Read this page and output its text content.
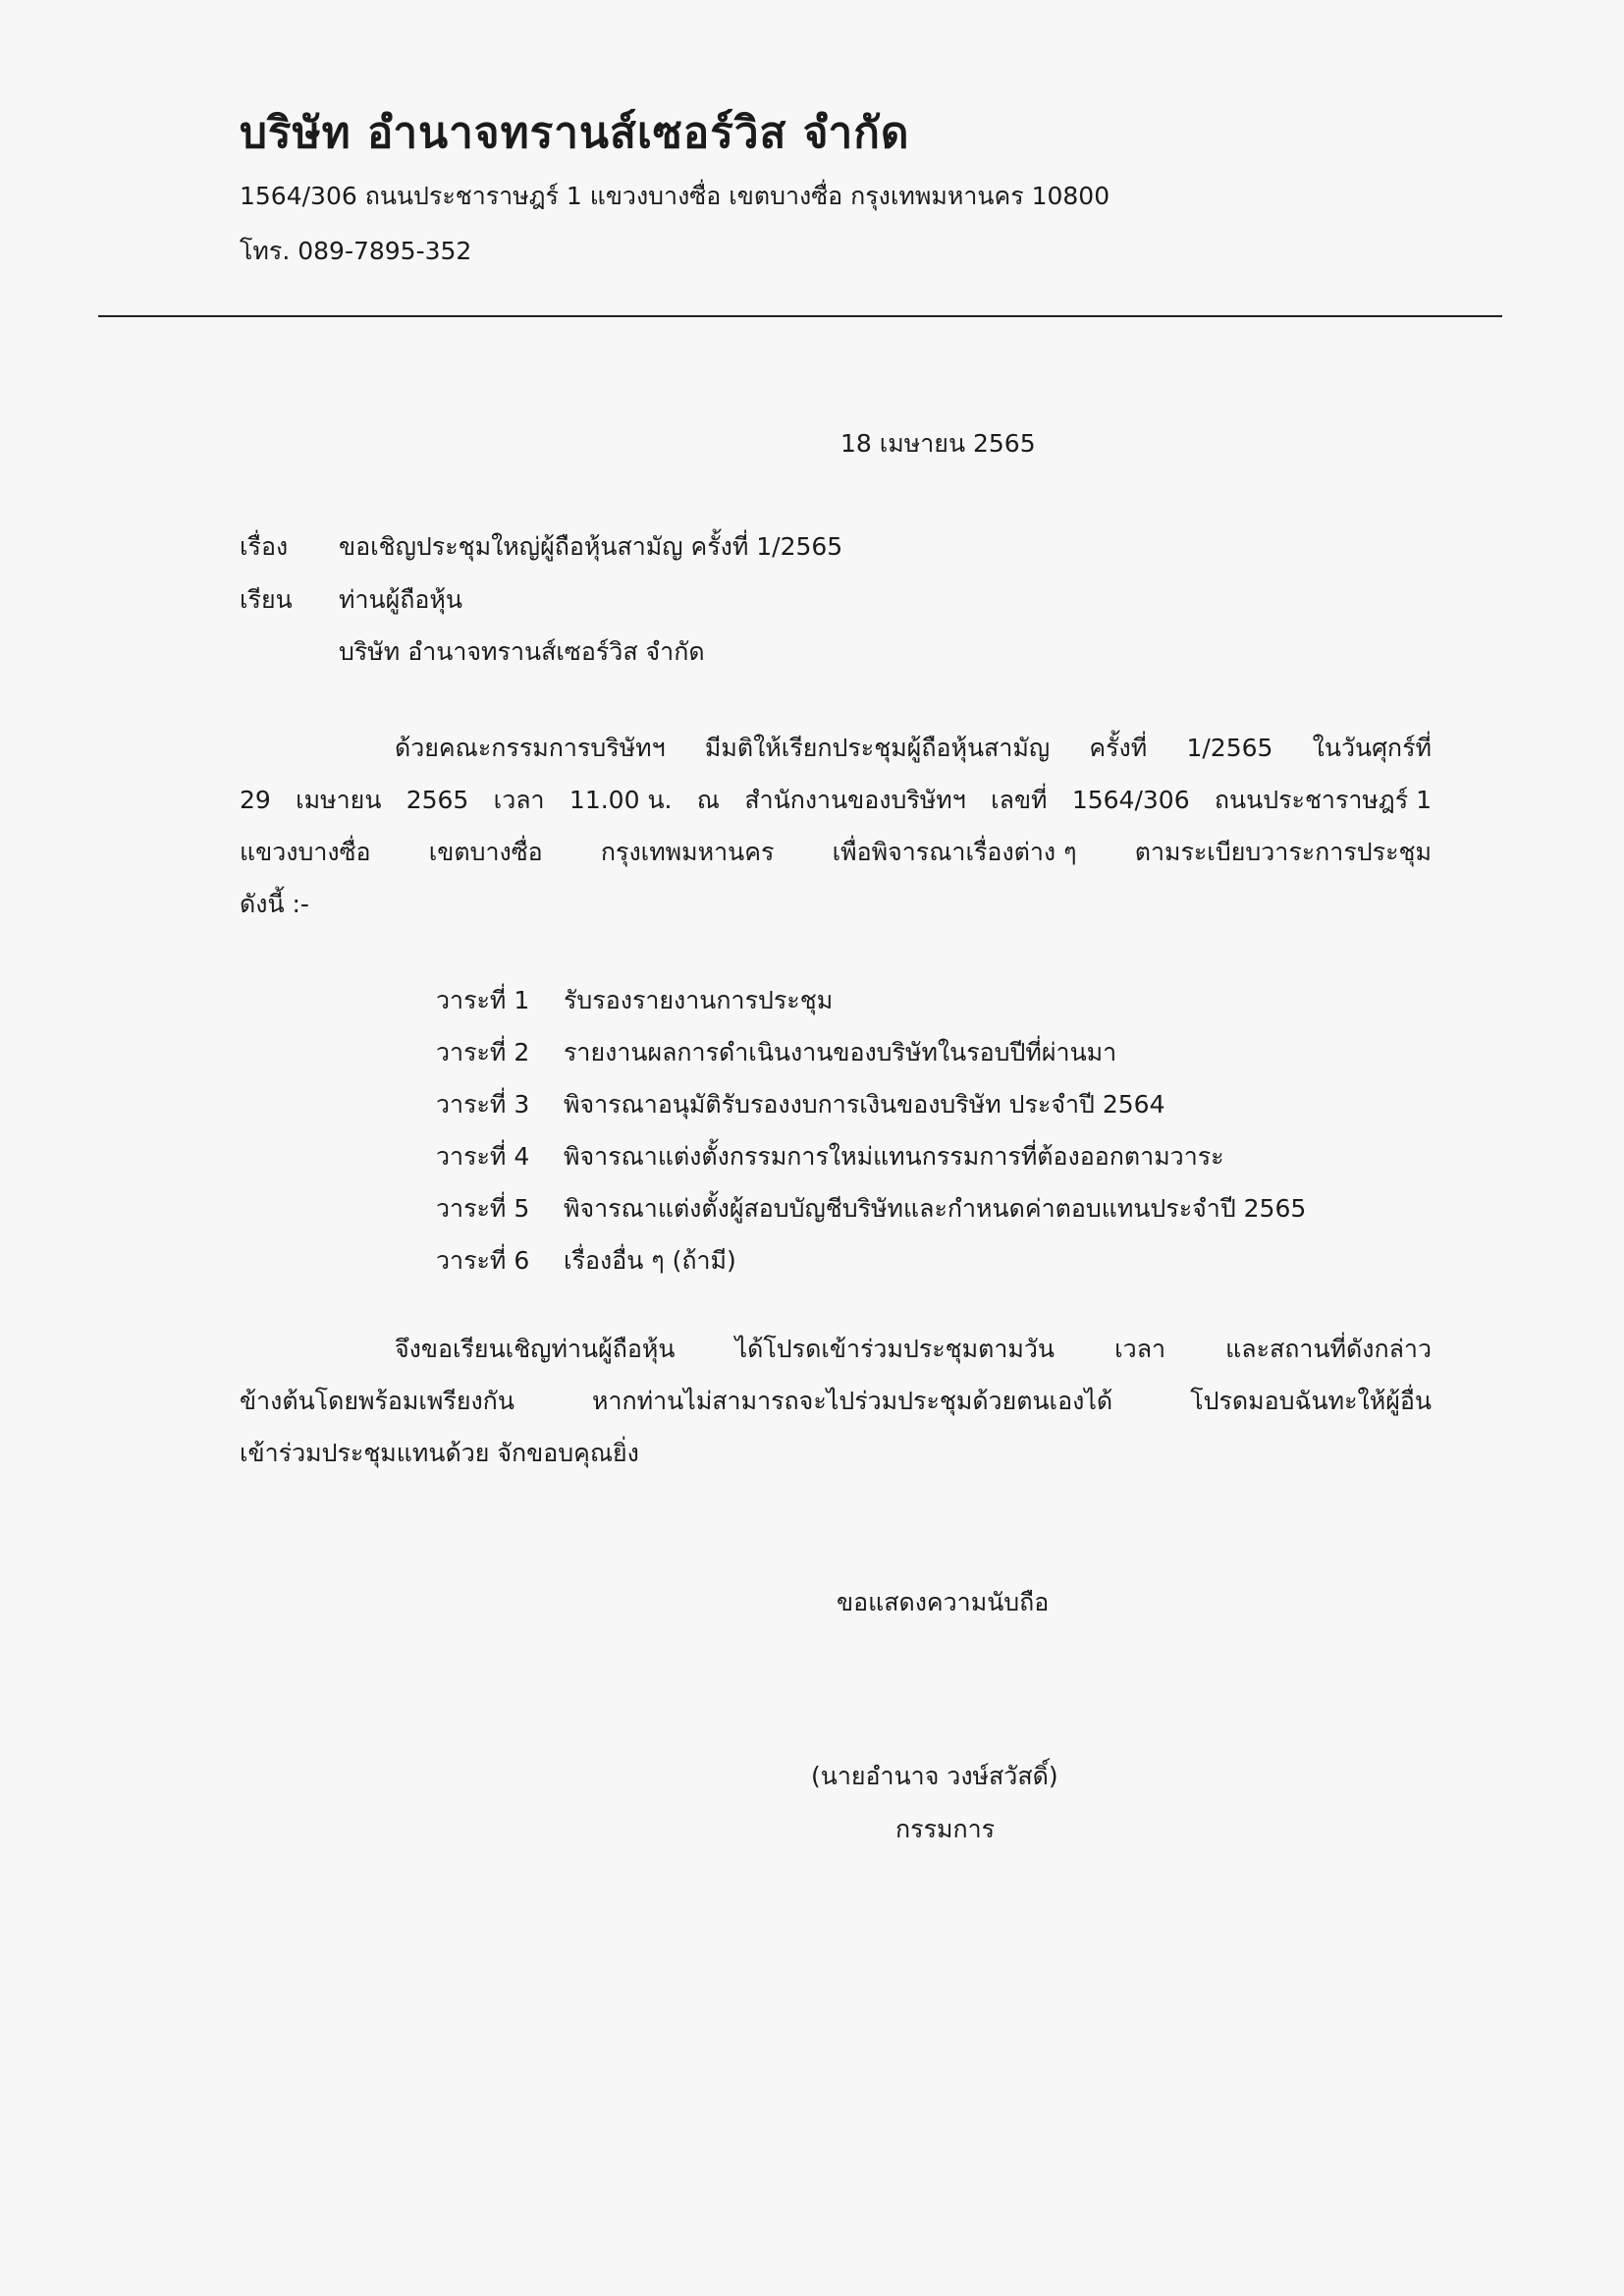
บริษัท อำนาจทรานส์เซอร์วิส จำกัด
1564/306 ถนนประชาราษฎร์ 1 แขวงบางซื่อ เขตบางซื่อ กรุงเทพมหานคร 10800
โทร. 089-7895-352
18 เมษายน 2565
เรื่อง ขอเชิญประชุมใหญ่ผู้ถือหุ้นสามัญ ครั้งที่ 1/2565
เรียน ท่านผู้ถือหุ้น
บริษัท อำนาจทรานส์เซอร์วิส จำกัด
ด้วยคณะกรรมการบริษัทฯ มีมติให้เรียกประชุมผู้ถือหุ้นสามัญ ครั้งที่ 1/2565 ในวันศุกร์ที่
29 เมษายน 2565 เวลา 11.00 น. ณ สำนักงานของบริษัทฯ เลขที่ 1564/306 ถนนประชาราษฎร์ 1
แขวงบางซื่อ เขตบางซื่อ กรุงเทพมหานคร เพื่อพิจารณาเรื่องต่าง ๆ ตามระเบียบวาระการประชุม
ดังนี้ :-
วาระที่ 1	รับรองรายงานการประชุม
วาระที่ 2	รายงานผลการดำเนินงานของบริษัทในรอบปีที่ผ่านมา
วาระที่ 3	พิจารณาอนุมัติรับรองงบการเงินของบริษัท ประจำปี 2564
วาระที่ 4	พิจารณาแต่งตั้งกรรมการใหม่แทนกรรมการที่ต้องออกตามวาระ
วาระที่ 5	พิจารณาแต่งตั้งผู้สอบบัญชีบริษัทและกำหนดค่าตอบแทนประจำปี 2565
วาระที่ 6	เรื่องอื่น ๆ (ถ้ามี)
จึงขอเรียนเชิญท่านผู้ถือหุ้น ได้โปรดเข้าร่วมประชุมตามวัน เวลา และสถานที่ดังกล่าว
ข้างต้นโดยพร้อมเพรียงกัน	หากท่านไม่สามารถจะไปร่วมประชุมด้วยตนเองได้	โปรดมอบฉันทะให้ผู้อื่น
เข้าร่วมประชุมแทนด้วย จักขอบคุณยิ่ง
ขอแสดงความนับถือ
(นายอำนาจ วงษ์สวัสดิ์)
กรรมการ
